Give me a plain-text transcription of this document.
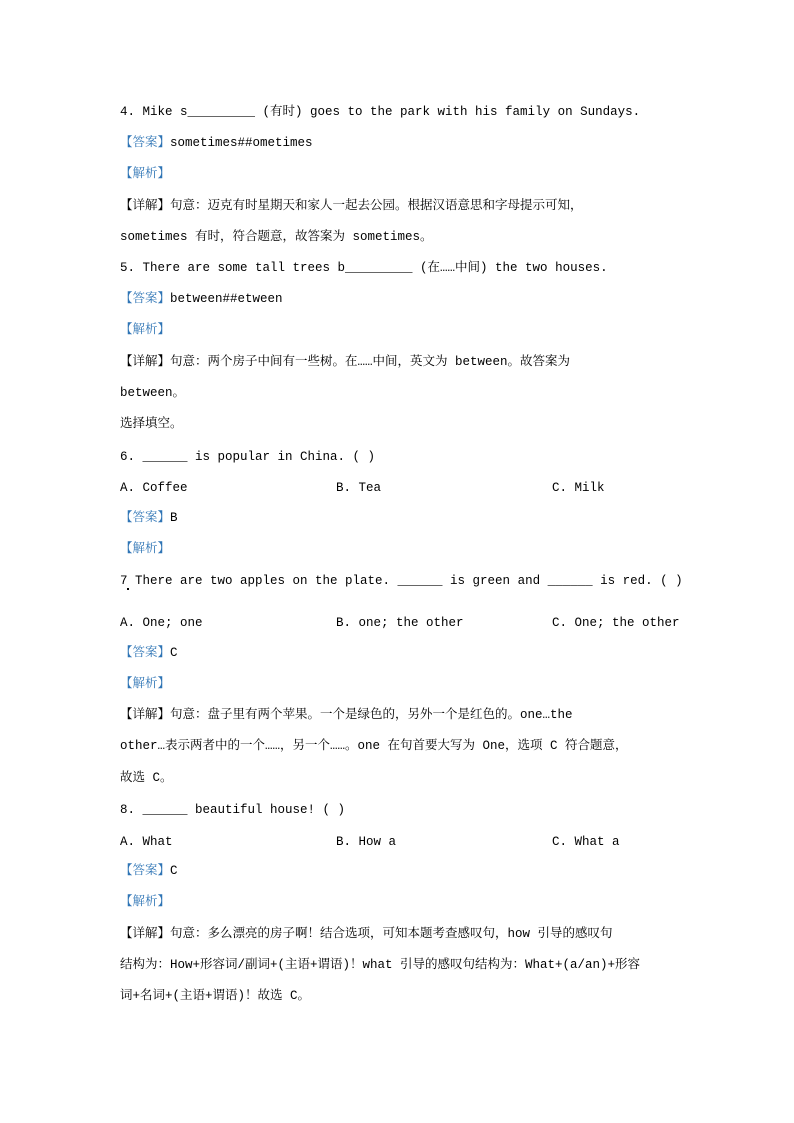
4. Mike s_________ (有时) goes to the park with his family on Sundays.
【答案】sometimes##ometimes
【解析】
【详解】句意：迈克有时星期天和家人一起去公园。根据汉语意思和字母提示可知，
sometimes 有时，符合题意，故答案为 sometimes。
5. There are some tall trees b_________ (在……中间) the two houses.
【答案】between##etween
【解析】
【详解】句意：两个房子中间有一些树。在……中间，英文为 between。故答案为
between。
选择填空。
6. ______ is popular in China. ( )
A. Coffee	B. Tea	C. Milk
【答案】B
【解析】
7 There are two apples on the plate. ______ is green and ______ is red. ( )
A. One; one	B. one; the other	C. One; the other
【答案】C
【解析】
【详解】句意：盘子里有两个苹果。一个是绿色的，另外一个是红色的。one…the
other…表示两者中的一个……，另一个……。one 在句首要大写为 One，选项 C 符合题意，
故选 C。
8. ______ beautiful house! ( )
A. What	B. How a	C. What a
【答案】C
【解析】
【详解】句意：多么漂亮的房子啊！结合选项，可知本题考查感叹句，how 引导的感叹句
结构为：How+形容词/副词+(主语+谓语)！what 引导的感叹句结构为：What+(a/an)+形容
词+名词+(主语+谓语)！故选 C。
